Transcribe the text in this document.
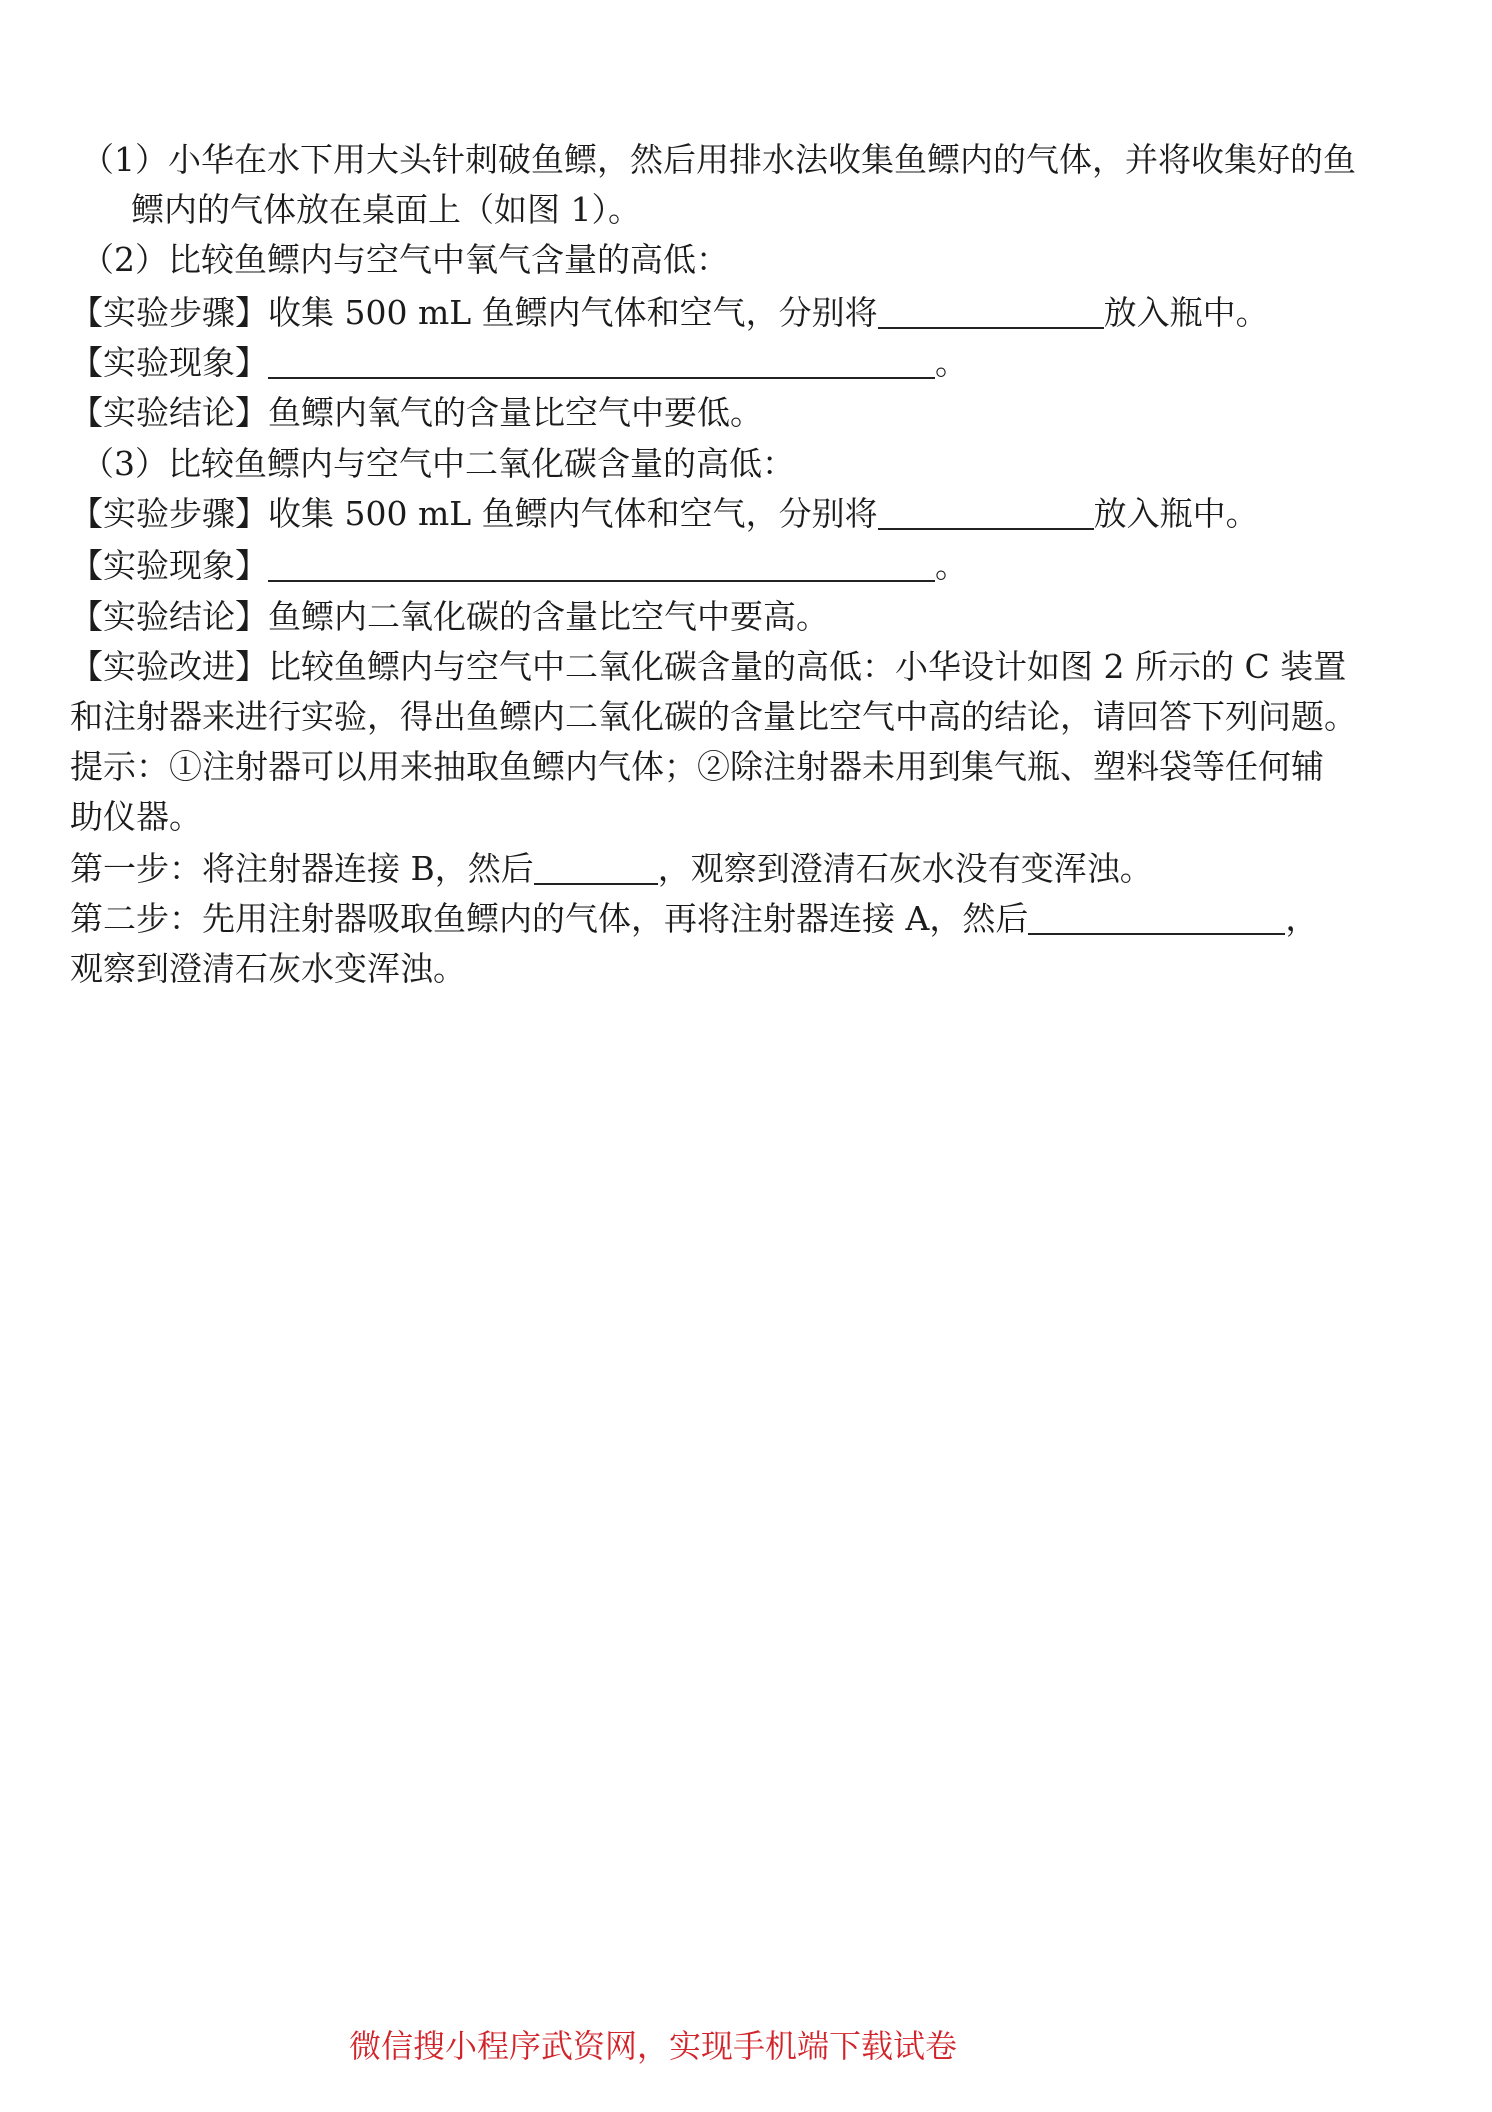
（1）小华在水下用大头针刺破鱼鳔，然后用排水法收集鱼鳔内的气体，并将收集好的鱼
鳔内的气体放在桌面上（如图 1）。
（2）比较鱼鳔内与空气中氧气含量的高低：
【实验步骤】收集 500 mL 鱼鳔内气体和空气，分别将	放入瓶中。
【实验现象】	。
【实验结论】鱼鳔内氧气的含量比空气中要低。
（3）比较鱼鳔内与空气中二氧化碳含量的高低：
【实验步骤】收集 500 mL 鱼鳔内气体和空气，分别将	放入瓶中。
【实验现象】	。
【实验结论】鱼鳔内二氧化碳的含量比空气中要高。
【实验改进】比较鱼鳔内与空气中二氧化碳含量的高低：小华设计如图 2 所示的 C 装置
和注射器来进行实验，得出鱼鳔内二氧化碳的含量比空气中高的结论，请回答下列问题。
提示：①注射器可以用来抽取鱼鳔内气体；②除注射器未用到集气瓶、塑料袋等任何辅
助仪器。
第一步：将注射器连接 B，然后	，观察到澄清石灰水没有变浑浊。
第二步：先用注射器吸取鱼鳔内的气体，再将注射器连接 A，然后	，
观察到澄清石灰水变浑浊。
微信搜小程序武资网，实现手机端下载试卷
